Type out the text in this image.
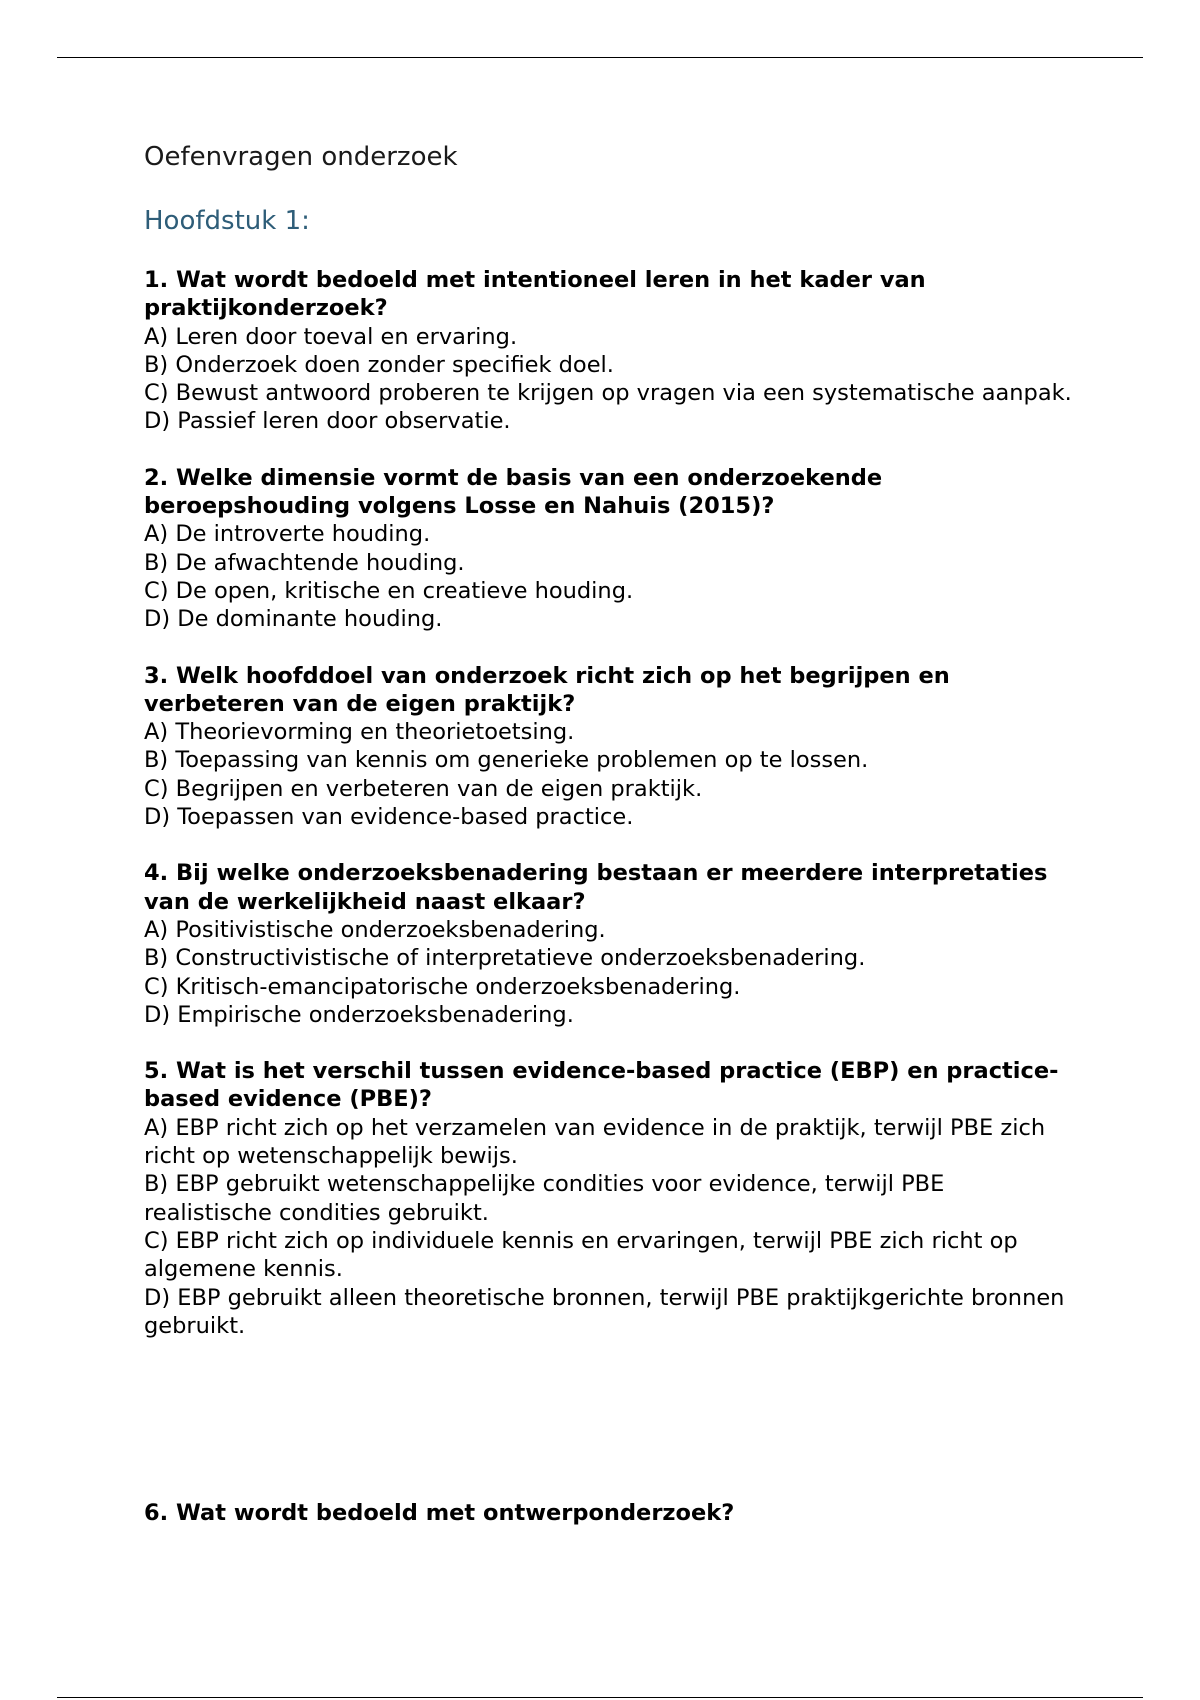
Oefenvragen onderzoek
Hoofdstuk 1:

1. Wat wordt bedoeld met intentioneel leren in het kader van praktijkonderzoek?

A) Leren door toeval en ervaring.

B) Onderzoek doen zonder specifiek doel.

C) Bewust antwoord proberen te krijgen op vragen via een systematische aanpak.

D) Passief leren door observatie.

2. Welke dimensie vormt de basis van een onderzoekende beroepshouding volgens Losse en Nahuis (2015)?

A) De introverte houding.

B) De afwachtende houding.

C) De open, kritische en creatieve houding.

D) De dominante houding.

3. Welk hoofddoel van onderzoek richt zich op het begrijpen en verbeteren van de eigen praktijk?

A) Theorievorming en theorietoetsing.

B) Toepassing van kennis om generieke problemen op te lossen.

C) Begrijpen en verbeteren van de eigen praktijk.

D) Toepassen van evidence-based practice.

4. Bij welke onderzoeksbenadering bestaan er meerdere interpretaties van de werkelijkheid naast elkaar?

A) Positivistische onderzoeksbenadering.

B) Constructivistische of interpretatieve onderzoeksbenadering.

C) Kritisch-emancipatorische onderzoeksbenadering.

D) Empirische onderzoeksbenadering.

5. Wat is het verschil tussen evidence-based practice (EBP) en practice-based evidence (PBE)?

A) EBP richt zich op het verzamelen van evidence in de praktijk, terwijl PBE zich richt op wetenschappelijk bewijs.

B) EBP gebruikt wetenschappelijke condities voor evidence, terwijl PBE realistische condities gebruikt.

C) EBP richt zich op individuele kennis en ervaringen, terwijl PBE zich richt op algemene kennis.

D) EBP gebruikt alleen theoretische bronnen, terwijl PBE praktijkgerichte bronnen gebruikt.

6. Wat wordt bedoeld met ontwerponderzoek?
